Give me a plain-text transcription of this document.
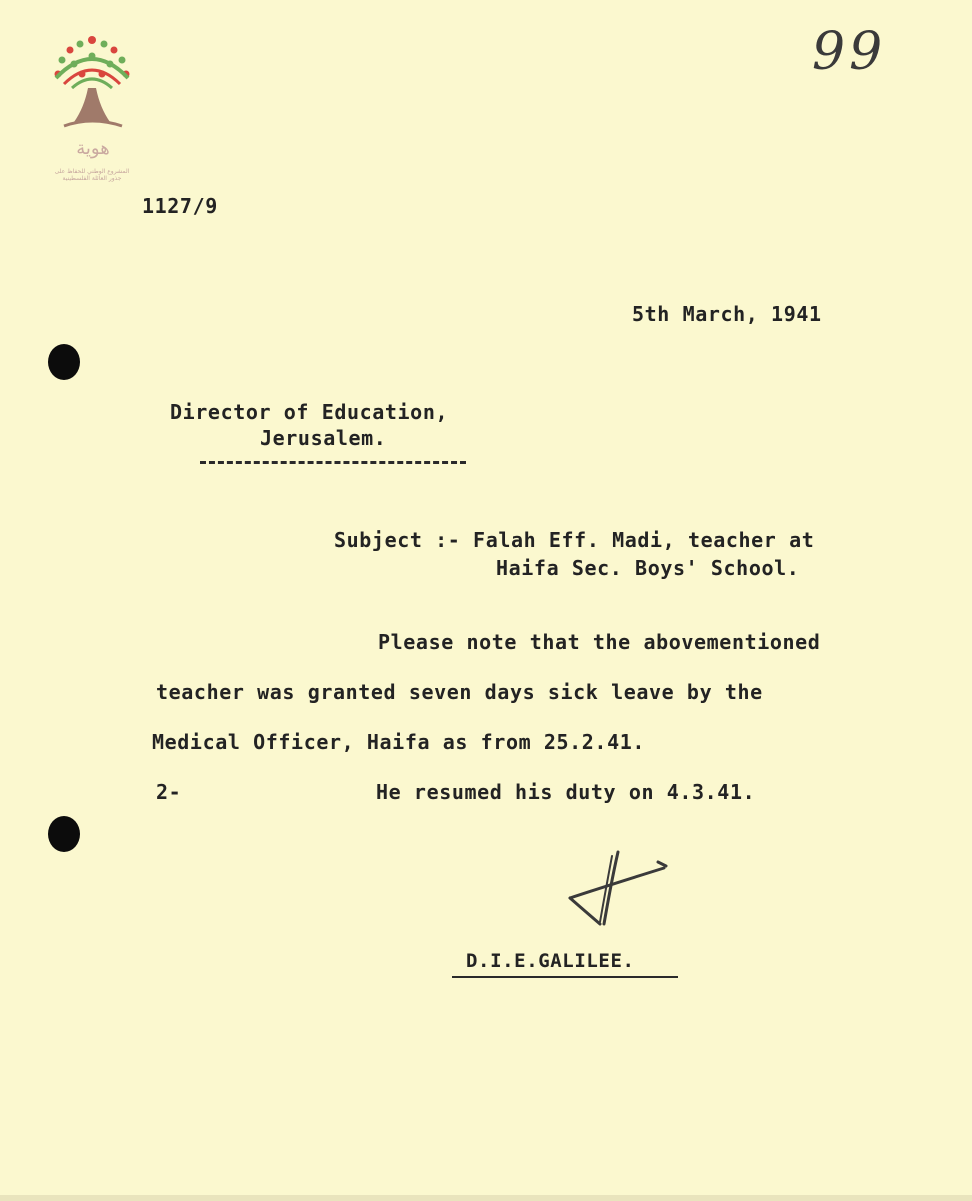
هوية
المشروع الوطني للحفاظ على
جذور العائلة الفلسطينية
99
1127/9
5th March, 1941
Director of Education,
Jerusalem.
Subject :- Falah Eff. Madi, teacher at
Haifa Sec. Boys' School.
Please note that the abovementioned
teacher was granted seven days sick leave by the
Medical Officer, Haifa as from 25.2.41.
2-	He resumed his duty on 4.3.41.
D.I.E.GALILEE.
